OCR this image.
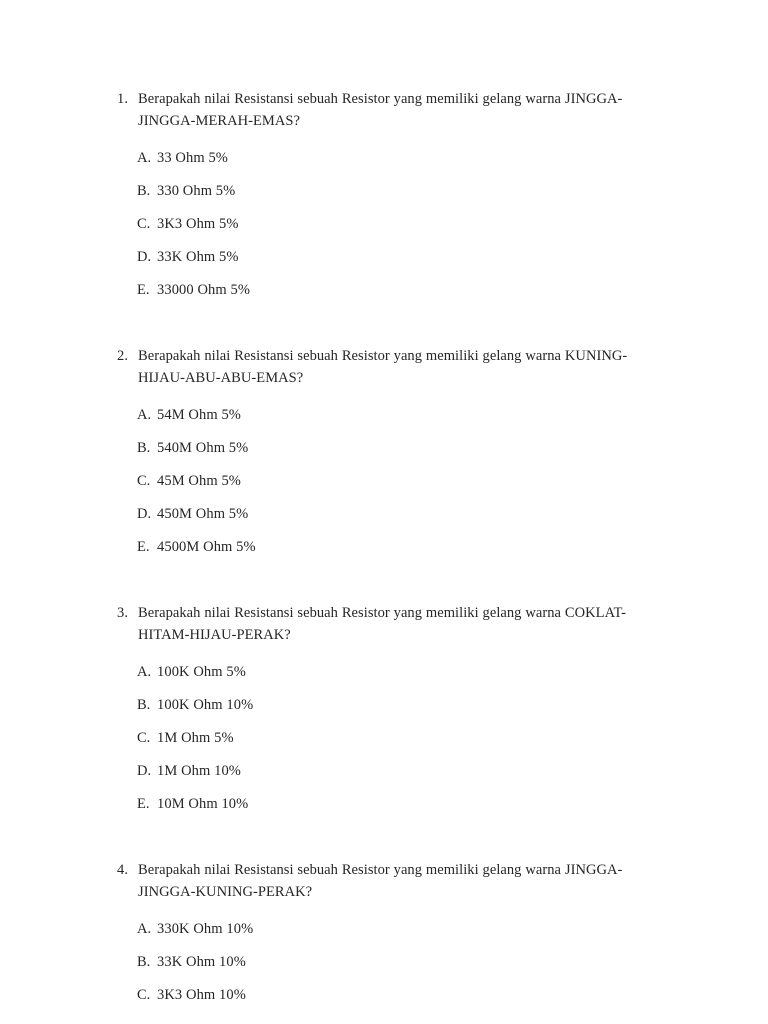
1. Berapakah nilai Resistansi sebuah Resistor yang memiliki gelang warna JINGGA-JINGGA-MERAH-EMAS?
A. 33 Ohm 5%
B. 330 Ohm 5%
C. 3K3 Ohm 5%
D. 33K Ohm 5%
E. 33000 Ohm 5%
2. Berapakah nilai Resistansi sebuah Resistor yang memiliki gelang warna KUNING-HIJAU-ABU-ABU-EMAS?
A. 54M Ohm 5%
B. 540M Ohm 5%
C. 45M Ohm 5%
D. 450M Ohm 5%
E. 4500M Ohm 5%
3. Berapakah nilai Resistansi sebuah Resistor yang memiliki gelang warna COKLAT-HITAM-HIJAU-PERAK?
A. 100K Ohm 5%
B. 100K Ohm 10%
C. 1M Ohm 5%
D. 1M Ohm 10%
E. 10M Ohm 10%
4. Berapakah nilai Resistansi sebuah Resistor yang memiliki gelang warna JINGGA-JINGGA-KUNING-PERAK?
A. 330K Ohm 10%
B. 33K Ohm 10%
C. 3K3 Ohm 10%
